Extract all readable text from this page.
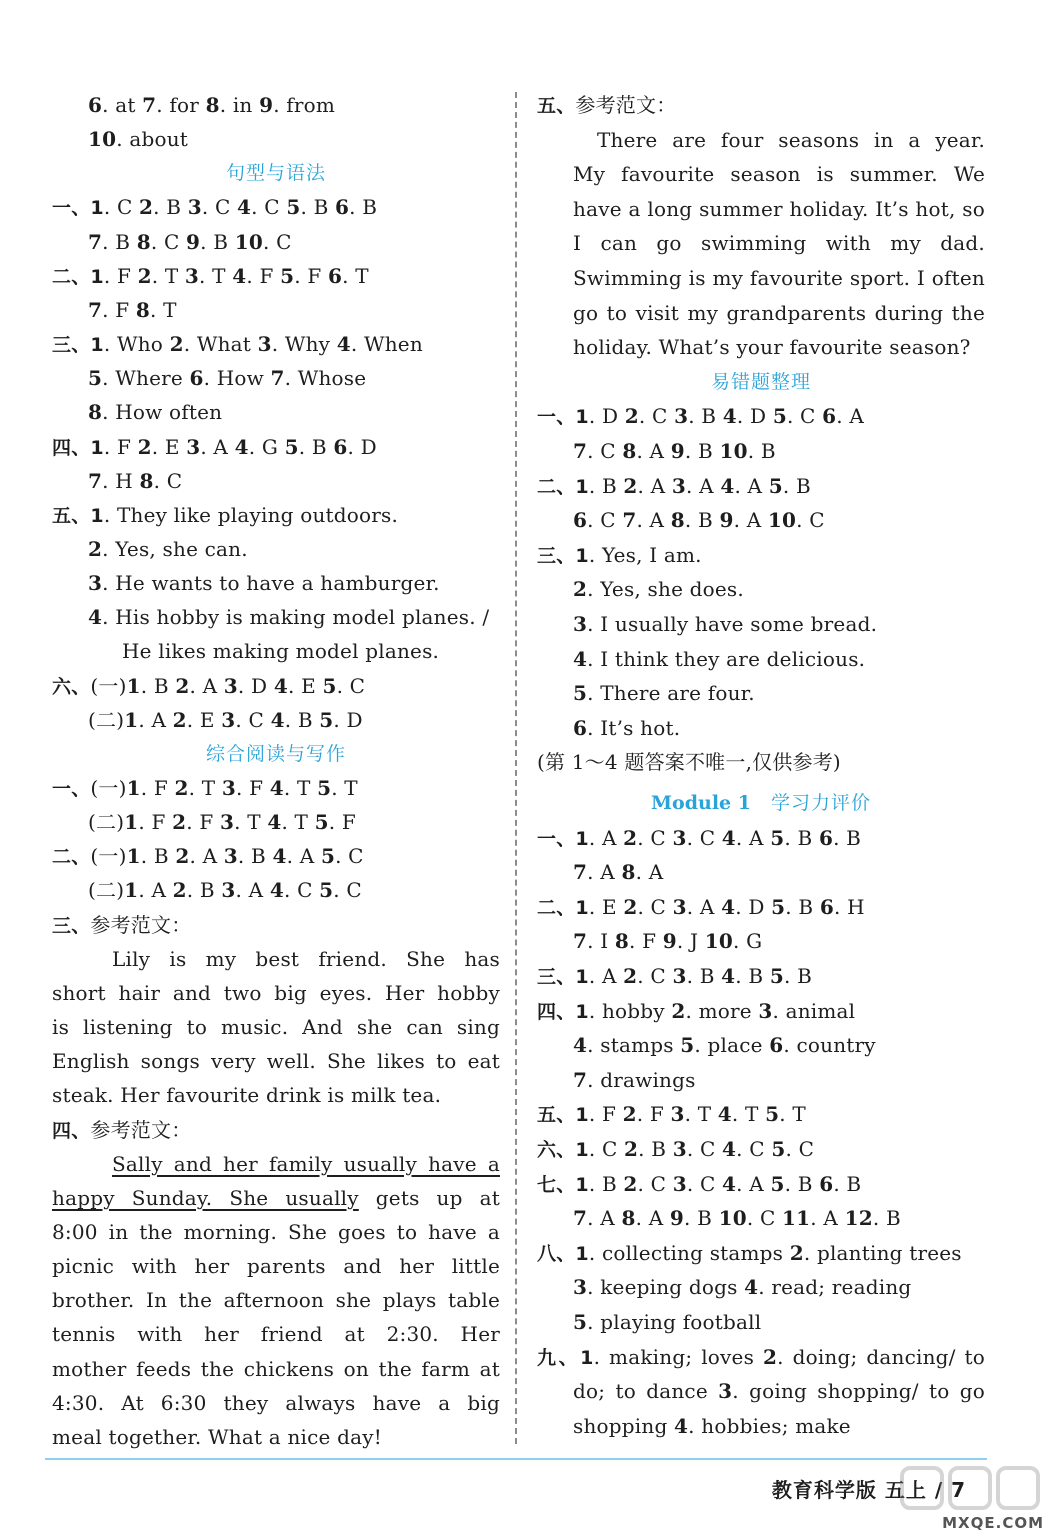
6. at 7. for 8. in 9. from
10. about
句型与语法
一、1. C 2. B 3. C 4. C 5. B 6. B
7. B 8. C 9. B 10. C
二、1. F 2. T 3. T 4. F 5. F 6. T
7. F 8. T
三、1. Who 2. What 3. Why 4. When
5. Where 6. How 7. Whose
8. How often
四、1. F 2. E 3. A 4. G 5. B 6. D
7. H 8. C
五、1. They like playing outdoors.
2. Yes, she can.
3. He wants to have a hamburger.
4. His hobby is making model planes. /
He likes making model planes.
六、(一)1. B 2. A 3. D 4. E 5. C
(二)1. A 2. E 3. C 4. B 5. D
综合阅读与写作
一、(一)1. F 2. T 3. F 4. T 5. T
(二)1. F 2. F 3. T 4. T 5. F
二、(一)1. B 2. A 3. B 4. A 5. C
(二)1. A 2. B 3. A 4. C 5. C
三、参考范文：
Lily is my best friend. She has
short hair and two big eyes. Her hobby
is listening to music. And she can sing
English songs very well. She likes to eat
steak. Her favourite drink is milk tea.
四、参考范文：
Sally and her family usually have a
happy Sunday. She usually gets up at
8:00 in the morning. She goes to have a
picnic with her parents and her little
brother. In the afternoon she plays table
tennis with her friend at 2:30. Her
mother feeds the chickens on the farm at
4:30. At 6:30 they always have a big
meal together. What a nice day!
五、参考范文：
There are four seasons in a year.
My favourite season is summer. We
have a long summer holiday. It’s hot, so
I can go swimming with my dad.
Swimming is my favourite sport. I often
go to visit my grandparents during the
holiday. What’s your favourite season?
易错题整理
一、1. D 2. C 3. B 4. D 5. C 6. A
7. C 8. A 9. B 10. B
二、1. B 2. A 3. A 4. A 5. B
6. C 7. A 8. B 9. A 10. C
三、1. Yes, I am.
2. Yes, she does.
3. I usually have some bread.
4. I think they are delicious.
5. There are four.
6. It’s hot.
(第 1～4 题答案不唯一,仅供参考)
Module 1　学习力评价
一、1. A 2. C 3. C 4. A 5. B 6. B
7. A 8. A
二、1. E 2. C 3. A 4. D 5. B 6. H
7. I 8. F 9. J 10. G
三、1. A 2. C 3. B 4. B 5. B
四、1. hobby 2. more 3. animal
4. stamps 5. place 6. country
7. drawings
五、1. F 2. F 3. T 4. T 5. T
六、1. C 2. B 3. C 4. C 5. C
七、1. B 2. C 3. C 4. A 5. B 6. B
7. A 8. A 9. B 10. C 11. A 12. B
八、1. collecting stamps 2. planting trees
3. keeping dogs 4. read; reading
5. playing football
九、1. making; loves 2. doing; dancing/ to
do; to dance 3. going shopping/ to go
shopping 4. hobbies; make
教育科学版 五上 / 7
MXQE.COM
